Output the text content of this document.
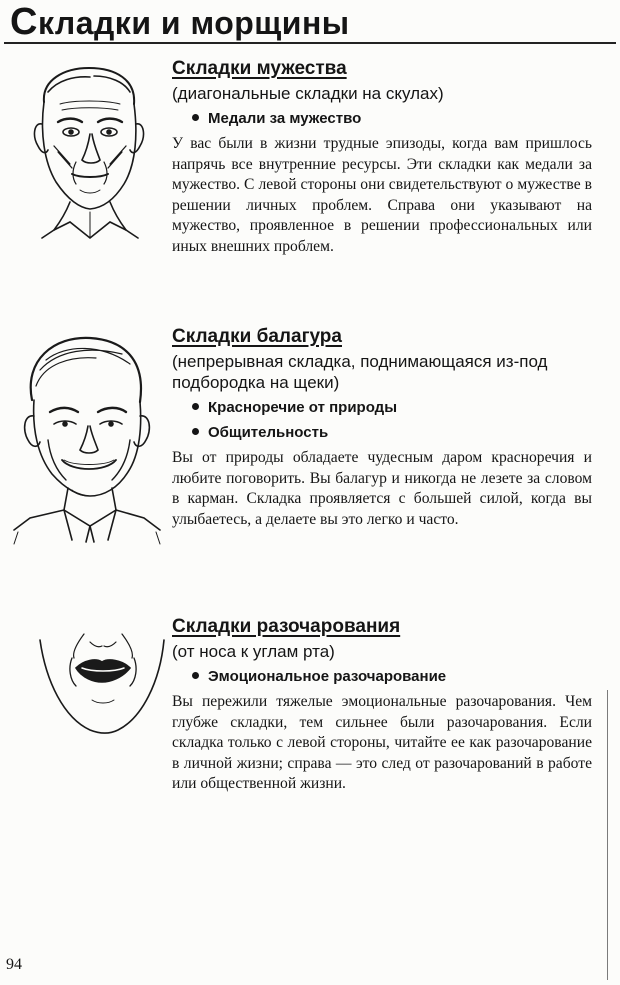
Складки и морщины
Складки мужества
(диагональные складки на скулах)
Медали за мужество
У вас были в жизни трудные эпизоды, когда вам пришлось напрячь все внутренние ресурсы. Эти складки как медали за мужество. С левой стороны они свидетельствуют о мужестве в решении личных проблем. Справа они указывают на мужество, проявленное в решении профессиональных или иных внешних проблем.
Складки балагура
(непрерывная складка, поднимающаяся из-под подбородка на щеки)
Красноречие от природы
Общительность
Вы от природы обладаете чудесным даром красноречия и любите поговорить. Вы балагур и никогда не лезете за словом в карман. Складка проявляется с большей силой, когда вы улыбаетесь, а делаете вы это легко и часто.
Складки разочарования
(от носа к углам рта)
Эмоциональное разочарование
Вы пережили тяжелые эмоциональные разочарования. Чем глубже складки, тем сильнее были разочарования. Если складка только с левой стороны, читайте ее как разочарование в личной жизни; справа — это след от разочарований в работе или общественной жизни.
94
